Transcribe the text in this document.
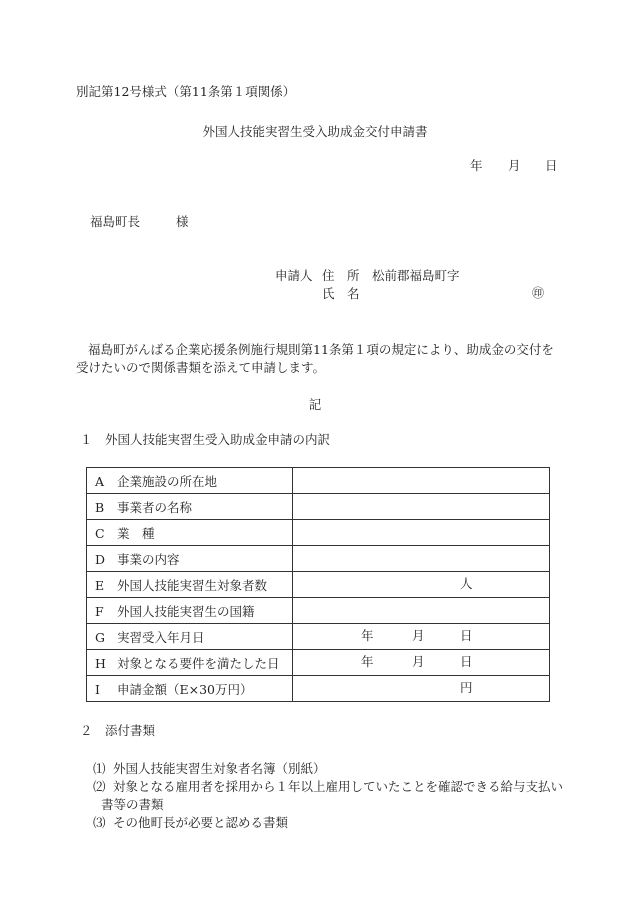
別記第12号様式（第11条第１項関係）
外国人技能実習生受入助成金交付申請書
年 月 日
福島町長	様
申請人 住　所 松前郡福島町字
氏　名	㊞
福島町がんばる企業応援条例施行規則第11条第１項の規定により、助成金の交付を受けたいので関係書類を添えて申請します。
記
１　外国人技能実習生受入助成金申請の内訳
A 企業施設の所在地	
B 事業者の名称	
C 業　種	
D 事業の内容	
E 外国人技能実習生対象者数	人

F 外国人技能実習生の国籍	
G 実習受入年月日	年 月 日

H 対象となる要件を満たした日	年 月 日

I 申請金額（E×30万円）	円
２　添付書類
⑴ 外国人技能実習生対象者名簿（別紙）
⑵ 対象となる雇用者を採用から１年以上雇用していたことを確認できる給与支払い
書等の書類
⑶ その他町長が必要と認める書類
